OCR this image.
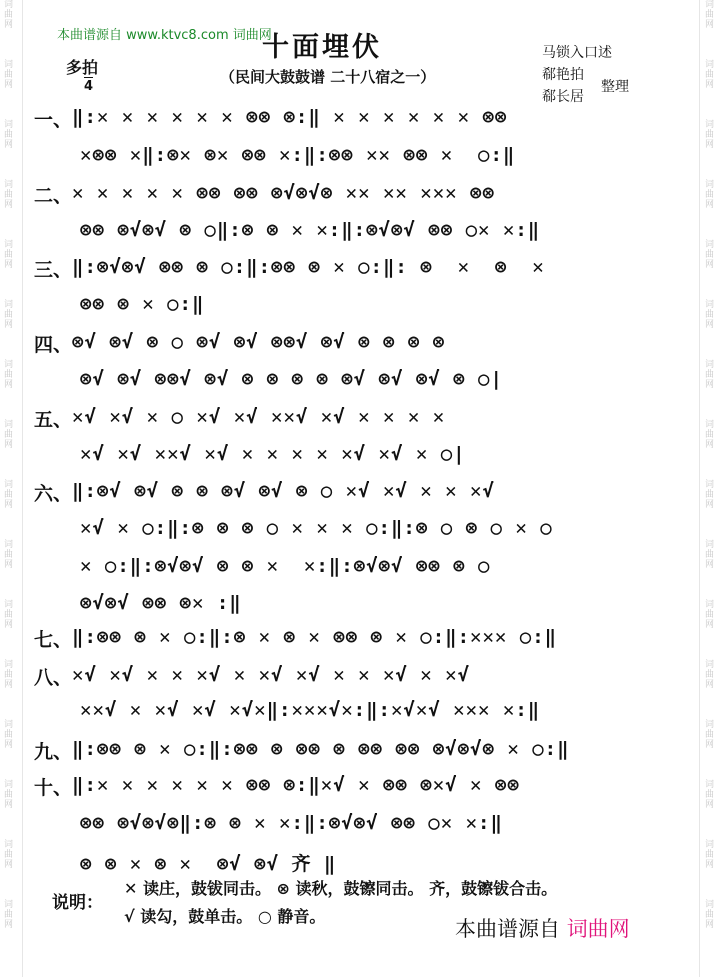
词曲网
词曲网
词曲网
词曲网
词曲网
词曲网
词曲网
词曲网
词曲网
词曲网
词曲网
词曲网
词曲网
词曲网
词曲网
词曲网
词曲网
词曲网
词曲网
词曲网
词曲网
词曲网
词曲网
词曲网
词曲网
词曲网
词曲网
词曲网
词曲网
词曲网
词曲网
词曲网
本曲谱源自 www.ktvc8.com 词曲网
十面埋伏
（民间大鼓鼓谱 二十八宿之一）
多拍
4
马锁入口述
郗艳拍
郗长居
整理
一、 ‖:✕ ✕ ✕ ✕ ✕ ✕ ⊗⊗ ⊗:‖ ✕ ✕ ✕ ✕ ✕ ✕ ⊗⊗
✕⊗⊗ ✕‖:⊗✕ ⊗✕ ⊗⊗ ✕:‖:⊗⊗ ✕✕ ⊗⊗ ✕  ○:‖
二、 ✕ ✕ ✕ ✕ ✕ ⊗⊗ ⊗⊗ ⊗√⊗√⊗ ✕✕ ✕✕ ✕✕✕ ⊗⊗
⊗⊗ ⊗√⊗√ ⊗ ○‖:⊗ ⊗ ✕ ✕:‖:⊗√⊗√ ⊗⊗ ○✕ ✕:‖
三、 ‖:⊗√⊗√ ⊗⊗ ⊗ ○:‖:⊗⊗ ⊗ ✕ ○:‖: ⊗  ✕  ⊗  ✕
⊗⊗ ⊗ ✕ ○:‖
四、 ⊗√ ⊗√ ⊗ ○ ⊗√ ⊗√ ⊗⊗√ ⊗√ ⊗ ⊗ ⊗ ⊗
⊗√ ⊗√ ⊗⊗√ ⊗√ ⊗ ⊗ ⊗ ⊗ ⊗√ ⊗√ ⊗√ ⊗ ○|
五、 ✕√ ✕√ ✕ ○ ✕√ ✕√ ✕✕√ ✕√ ✕ ✕ ✕ ✕
✕√ ✕√ ✕✕√ ✕√ ✕ ✕ ✕ ✕ ✕√ ✕√ ✕ ○|
六、 ‖:⊗√ ⊗√ ⊗ ⊗ ⊗√ ⊗√ ⊗ ○ ✕√ ✕√ ✕ ✕ ✕√
✕√ ✕ ○:‖:⊗ ⊗ ⊗ ○ ✕ ✕ ✕ ○:‖:⊗ ○ ⊗ ○ ✕ ○
✕ ○:‖:⊗√⊗√ ⊗ ⊗ ✕  ✕:‖:⊗√⊗√ ⊗⊗ ⊗ ○
⊗√⊗√ ⊗⊗ ⊗✕ :‖
七、 ‖:⊗⊗ ⊗ ✕ ○:‖:⊗ ✕ ⊗ ✕ ⊗⊗ ⊗ ✕ ○:‖:✕✕✕ ○:‖
八、 ✕√ ✕√ ✕ ✕ ✕√ ✕ ✕√ ✕√ ✕ ✕ ✕√ ✕ ✕√
✕✕√ ✕ ✕√ ✕√ ✕√✕‖:✕✕✕√✕:‖:✕√✕√ ✕✕✕ ✕:‖
九、 ‖:⊗⊗ ⊗ ✕ ○:‖:⊗⊗ ⊗ ⊗⊗ ⊗ ⊗⊗ ⊗⊗ ⊗√⊗√⊗ ✕ ○:‖
十、 ‖:✕ ✕ ✕ ✕ ✕ ✕ ⊗⊗ ⊗:‖✕√ ✕ ⊗⊗ ⊗✕√ ✕ ⊗⊗
⊗⊗ ⊗√⊗√⊗‖:⊗ ⊗ ✕ ✕:‖:⊗√⊗√ ⊗⊗ ○✕ ✕:‖
⊗ ⊗ ✕ ⊗ ✕  ⊗√ ⊗√ 齐 ‖
说明：
✕ 读庄，鼓钹同击。 ⊗ 读秋，鼓镲同击。 齐，鼓镲钹合击。
√ 读勾，鼓单击。 ○ 静音。
本曲谱源自 词曲网
